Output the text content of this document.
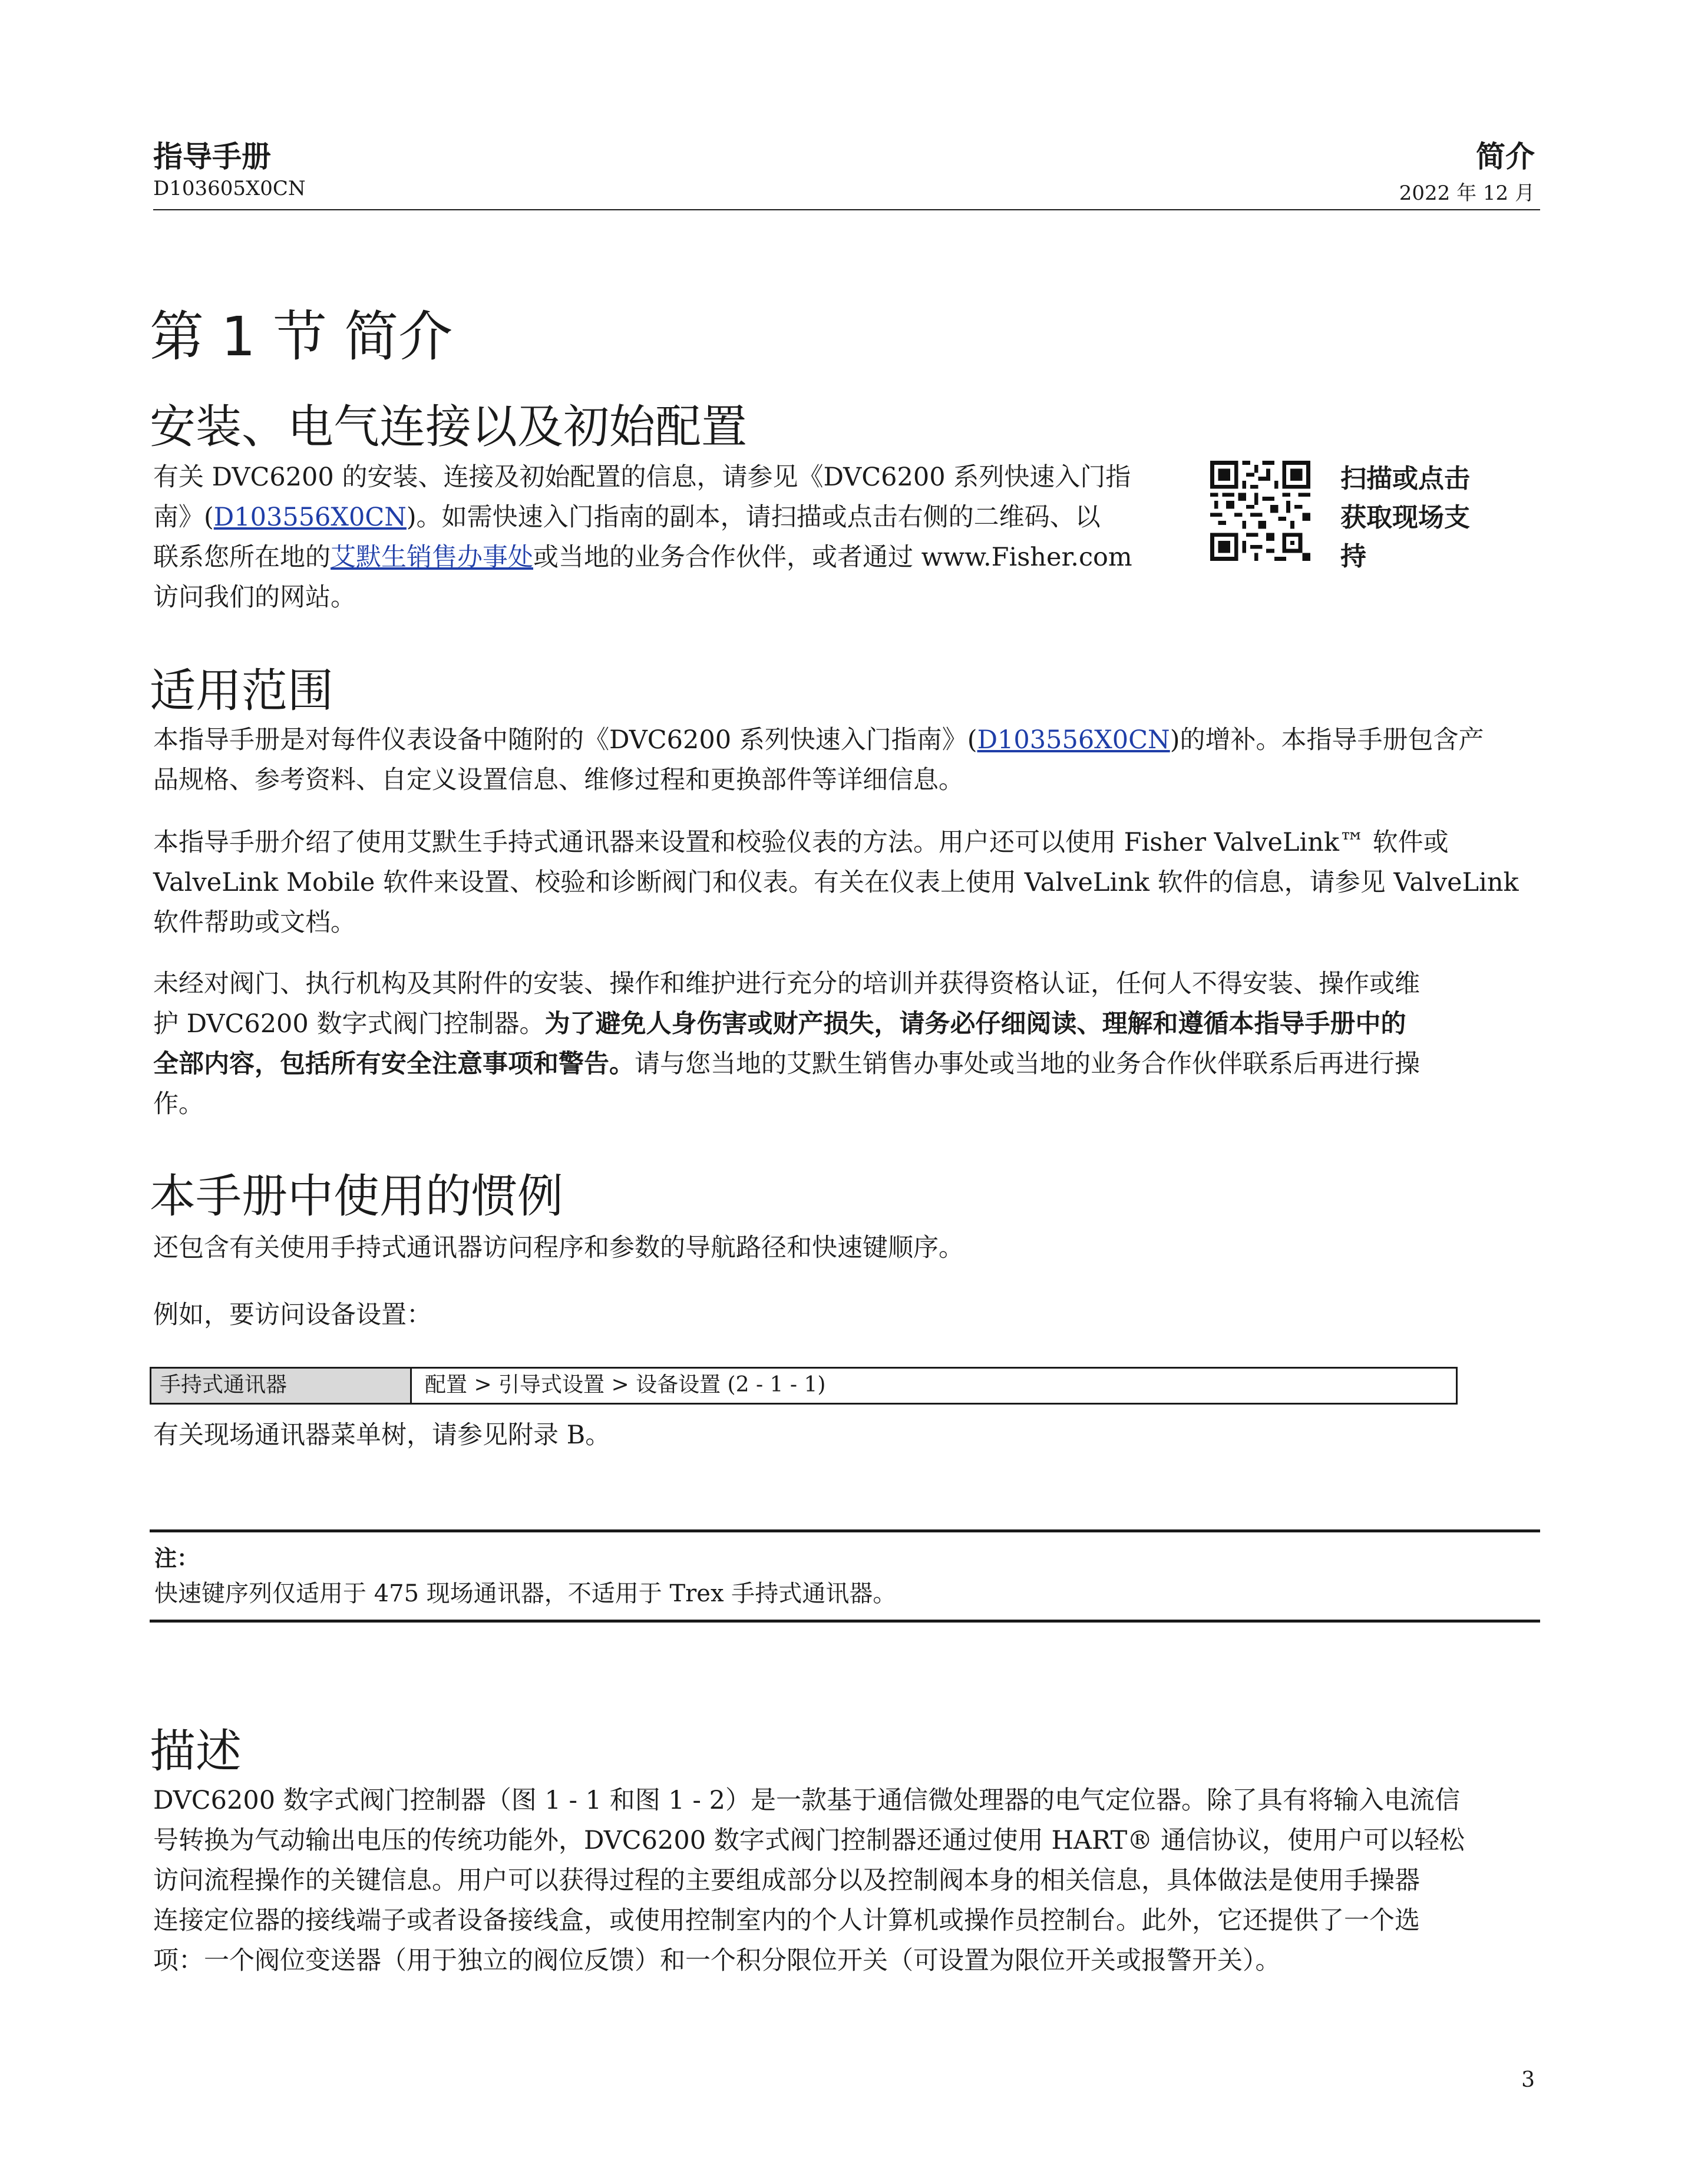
指导手册
D103605X0CN
简介
2022 年 12 月
第 1 节 简介
安装、电气连接以及初始配置
有关 DVC6200 的安装、连接及初始配置的信息，请参见《DVC6200 系列快速入门指
南》(D103556X0CN)。如需快速入门指南的副本，请扫描或点击右侧的二维码、以
联系您所在地的艾默生销售办事处或当地的业务合作伙伴，或者通过 www.Fisher.com
访问我们的网站。
扫描或点击
获取现场支
持
适用范围
本指导手册是对每件仪表设备中随附的《DVC6200 系列快速入门指南》(D103556X0CN)的增补。本指导手册包含产
品规格、参考资料、自定义设置信息、维修过程和更换部件等详细信息。
本指导手册介绍了使用艾默生手持式通讯器来设置和校验仪表的方法。用户还可以使用 Fisher ValveLink™ 软件或
ValveLink Mobile 软件来设置、校验和诊断阀门和仪表。有关在仪表上使用 ValveLink 软件的信息，请参见 ValveLink
软件帮助或文档。
未经对阀门、执行机构及其附件的安装、操作和维护进行充分的培训并获得资格认证，任何人不得安装、操作或维
护 DVC6200 数字式阀门控制器。为了避免人身伤害或财产损失，请务必仔细阅读、理解和遵循本指导手册中的
全部内容，包括所有安全注意事项和警告。请与您当地的艾默生销售办事处或当地的业务合作伙伴联系后再进行操
作。
本手册中使用的惯例
还包含有关使用手持式通讯器访问程序和参数的导航路径和快速键顺序。
例如，要访问设备设置：
手持式通讯器	配置 > 引导式设置 > 设备设置 (2 - 1 - 1)
有关现场通讯器菜单树，请参见附录 B。
注：
快速键序列仅适用于 475 现场通讯器，不适用于 Trex 手持式通讯器。
描述
DVC6200 数字式阀门控制器（图 1 - 1 和图 1 - 2）是一款基于通信微处理器的电气定位器。除了具有将输入电流信
号转换为气动输出电压的传统功能外，DVC6200 数字式阀门控制器还通过使用 HART® 通信协议，使用户可以轻松
访问流程操作的关键信息。用户可以获得过程的主要组成部分以及控制阀本身的相关信息，具体做法是使用手操器
连接定位器的接线端子或者设备接线盒，或使用控制室内的个人计算机或操作员控制台。此外，它还提供了一个选
项：一个阀位变送器（用于独立的阀位反馈）和一个积分限位开关（可设置为限位开关或报警开关）。
3
